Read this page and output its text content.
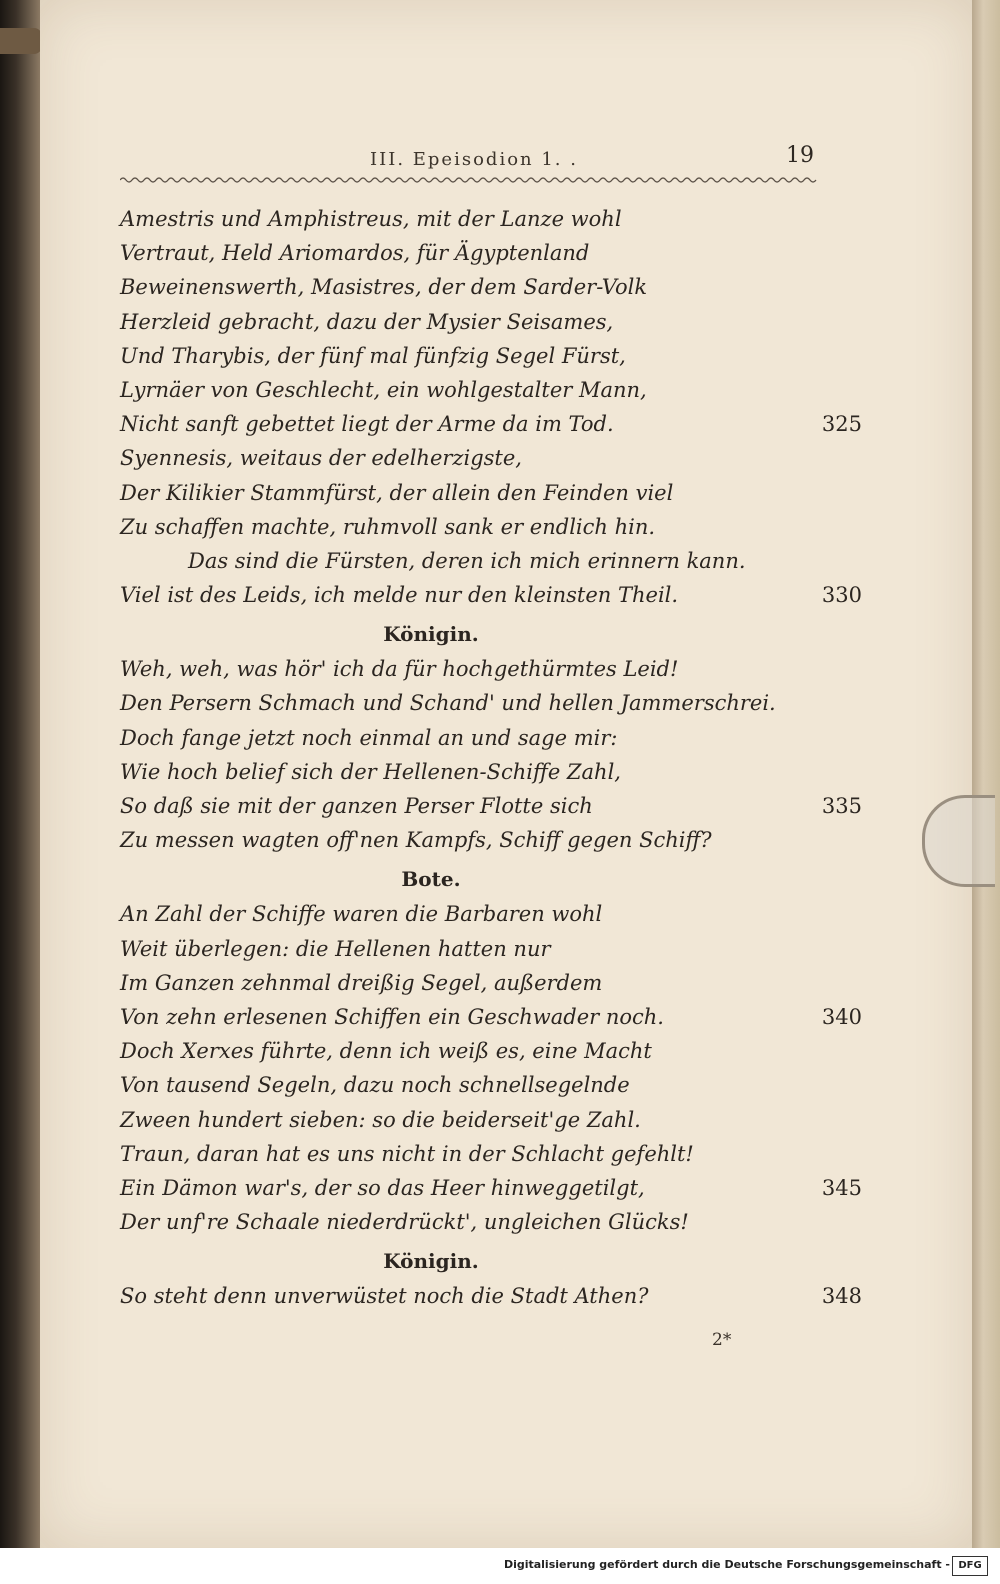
III. Epeisodion 1. .	19
Amestris und Amphistreus, mit der Lanze wohl
Vertraut, Held Ariomardos, für Ägyptenland
Beweinenswerth, Masistres, der dem Sarder-Volk
Herzleid gebracht, dazu der Mysier Seisames,
Und Tharybis, der fünf mal fünfzig Segel Fürst,
Lyrnäer von Geschlecht, ein wohlgestalter Mann,
Nicht sanft gebettet liegt der Arme da im Tod.	325
Syennesis, weitaus der edelherzigste,
Der Kilikier Stammfürst, der allein den Feinden viel
Zu schaffen machte, ruhmvoll sank er endlich hin.
Das sind die Fürsten, deren ich mich erinnern kann.
Viel ist des Leids, ich melde nur den kleinsten Theil.	330
Königin.
Weh, weh, was hör' ich da für hochgethürmtes Leid!
Den Persern Schmach und Schand' und hellen Jammerschrei.
Doch fange jetzt noch einmal an und sage mir:
Wie hoch belief sich der Hellenen-Schiffe Zahl,
So daß sie mit der ganzen Perser Flotte sich	335
Zu messen wagten off'nen Kampfs, Schiff gegen Schiff?
Bote.
An Zahl der Schiffe waren die Barbaren wohl
Weit überlegen: die Hellenen hatten nur
Im Ganzen zehnmal dreißig Segel, außerdem
Von zehn erlesenen Schiffen ein Geschwader noch.	340
Doch Xerxes führte, denn ich weiß es, eine Macht
Von tausend Segeln, dazu noch schnellsegelnde
Zween hundert sieben: so die beiderseit'ge Zahl.
Traun, daran hat es uns nicht in der Schlacht gefehlt!
Ein Dämon war's, der so das Heer hinweggetilgt,	345
Der unf're Schaale niederdrückt', ungleichen Glücks!
Königin.
So steht denn unverwüstet noch die Stadt Athen?	348
2*
Digitalisierung gefördert durch die Deutsche Forschungsgemeinschaft - DFG
